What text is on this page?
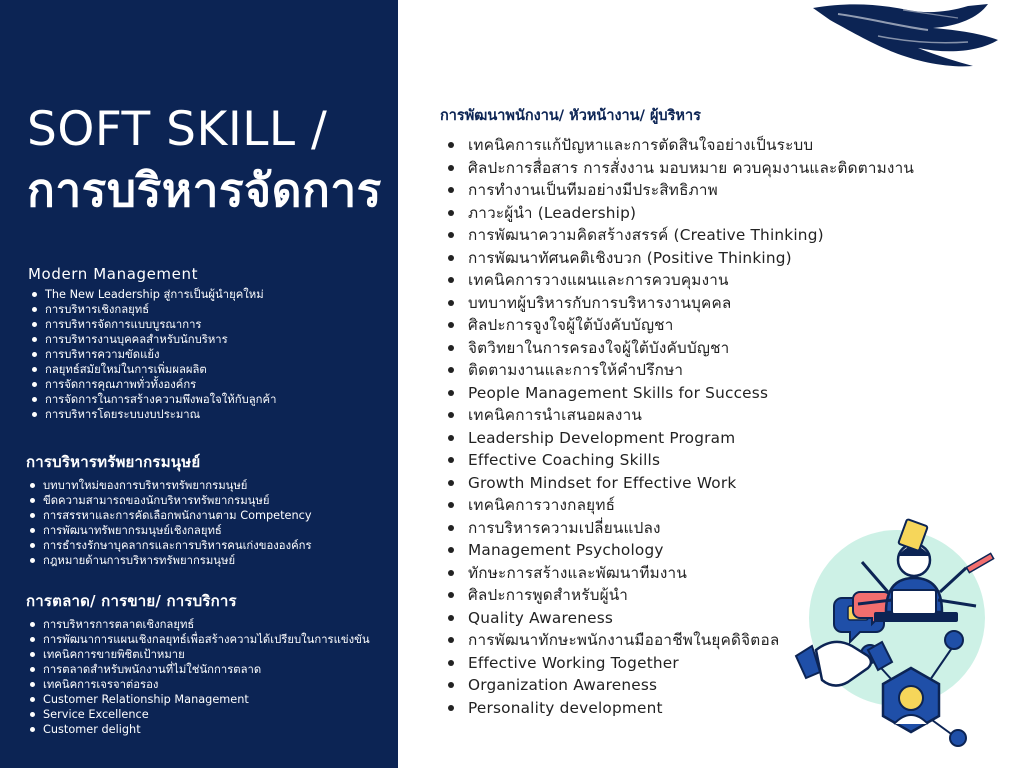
SOFT SKILL /
การบริหารจัดการ
Modern Management
The New Leadership สู่การเป็นผู้นำยุคใหม่
การบริหารเชิงกลยุทธ์
การบริหารจัดการแบบบูรณาการ
การบริหารงานบุคคลสำหรับนักบริหาร
การบริหารความขัดแย้ง
กลยุทธ์สมัยใหม่ในการเพิ่มผลผลิต
การจัดการคุณภาพทั่วทั้งองค์กร
การจัดการในการสร้างความพึงพอใจให้กับลูกค้า
การบริหารโดยระบบงบประมาณ
การบริหารทรัพยากรมนุษย์
บทบาทใหม่ของการบริหารทรัพยากรมนุษย์
ขีดความสามารถของนักบริหารทรัพยากรมนุษย์
การสรรหาและการคัดเลือกพนักงานตาม Competency
การพัฒนาทรัพยากรมนุษย์เชิงกลยุทธ์
การธำรงรักษาบุคลากรและการบริหารคนเก่งขององค์กร
กฎหมายด้านการบริหารทรัพยากรมนุษย์
การตลาด/ การขาย/ การบริการ
การบริหารการตลาดเชิงกลยุทธ์
การพัฒนาการแผนเชิงกลยุทธ์เพื่อสร้างความได้เปรียบในการแข่งขัน
เทคนิคการขายพิชิตเป้าหมาย
การตลาดสำหรับพนักงานที่ไม่ใช่นักการตลาด
เทคนิคการเจรจาต่อรอง
Customer Relationship Management
Service Excellence
Customer delight
การพัฒนาพนักงาน/ หัวหน้างาน/ ผู้บริหาร
เทคนิคการแก้ปัญหาและการตัดสินใจอย่างเป็นระบบ
ศิลปะการสื่อสาร การสั่งงาน มอบหมาย ควบคุมงานและติดตามงาน
การทำงานเป็นทีมอย่างมีประสิทธิภาพ
ภาวะผู้นำ (Leadership)
การพัฒนาความคิดสร้างสรรค์ (Creative Thinking)
การพัฒนาทัศนคติเชิงบวก (Positive Thinking)
เทคนิคการวางแผนและการควบคุมงาน
บทบาทผู้บริหารกับการบริหารงานบุคคล
ศิลปะการจูงใจผู้ใต้บังคับบัญชา
จิตวิทยาในการครองใจผู้ใต้บังคับบัญชา
ติดตามงานและการให้คำปรึกษา
People Management Skills for Success
เทคนิคการนำเสนอผลงาน
Leadership Development Program
Effective Coaching Skills
Growth Mindset for Effective Work
เทคนิคการวางกลยุทธ์
การบริหารความเปลี่ยนแปลง
Management Psychology
ทักษะการสร้างและพัฒนาทีมงาน
ศิลปะการพูดสำหรับผู้นำ
Quality Awareness
การพัฒนาทักษะพนักงานมืออาชีพในยุคดิจิตอล
Effective Working Together
Organization Awareness
Personality development
